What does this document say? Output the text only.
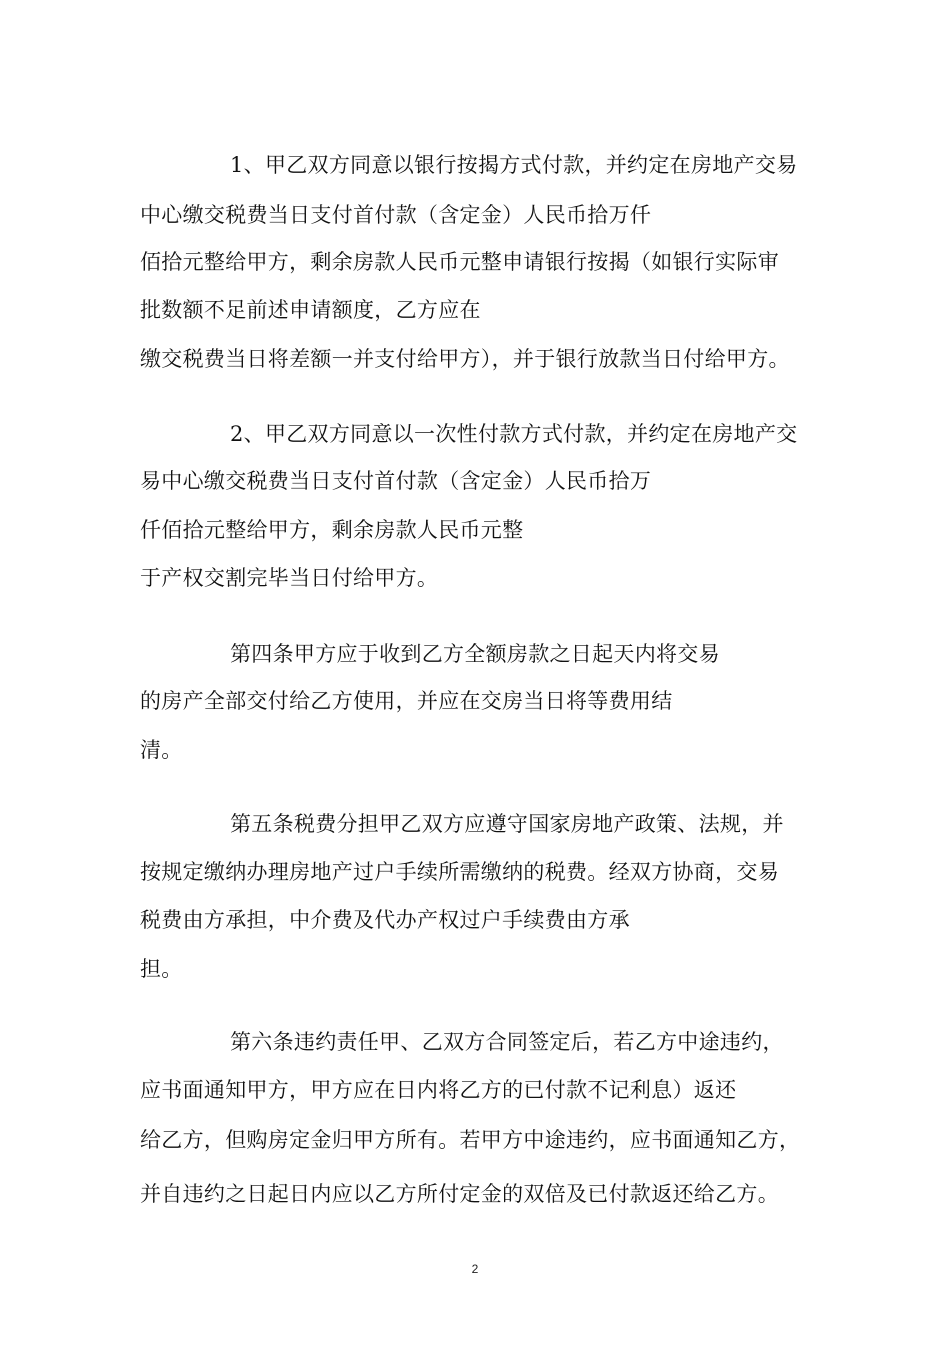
1、甲乙双方同意以银行按揭方式付款，并约定在房地产交易
中心缴交税费当日支付首付款（含定金）人民币拾万仟
佰拾元整给甲方，剩余房款人民币元整申请银行按揭（如银行实际审
批数额不足前述申请额度，乙方应在
缴交税费当日将差额一并支付给甲方），并于银行放款当日付给甲方。
2、甲乙双方同意以一次性付款方式付款，并约定在房地产交
易中心缴交税费当日支付首付款（含定金）人民币拾万
仟佰拾元整给甲方，剩余房款人民币元整
于产权交割完毕当日付给甲方。
第四条甲方应于收到乙方全额房款之日起天内将交易
的房产全部交付给乙方使用，并应在交房当日将等费用结
清。
第五条税费分担甲乙双方应遵守国家房地产政策、法规，并
按规定缴纳办理房地产过户手续所需缴纳的税费。经双方协商，交易
税费由方承担，中介费及代办产权过户手续费由方承
担。
第六条违约责任甲、乙双方合同签定后，若乙方中途违约，
应书面通知甲方，甲方应在日内将乙方的已付款不记利息）返还
给乙方，但购房定金归甲方所有。若甲方中途违约，应书面通知乙方，
并自违约之日起日内应以乙方所付定金的双倍及已付款返还给乙方。
2
